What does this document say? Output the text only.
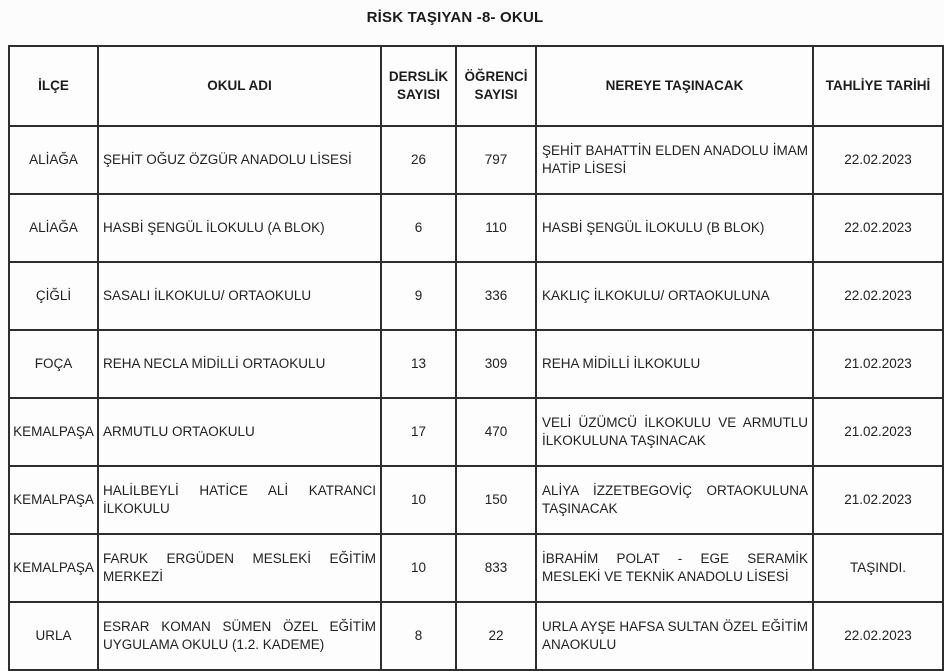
RİSK TAŞIYAN -8- OKUL
İLÇE	OKUL ADI	DERSLİK SAYISI	ÖĞRENCİ SAYISI	NEREYE TAŞINACAK	TAHLİYE TARİHİ
ALİAĞA	ŞEHİT OĞUZ ÖZGÜR ANADOLU LİSESİ	26	797	ŞEHİT BAHATTİN ELDEN ANADOLU İMAM HATİP LİSESİ	22.02.2023
ALİAĞA	HASBİ ŞENGÜL İLOKULU (A BLOK)	6	110	HASBİ ŞENGÜL İLOKULU (B BLOK)	22.02.2023
ÇİĞLİ	SASALI İLKOKULU/ ORTAOKULU	9	336	KAKLIÇ İLKOKULU/ ORTAOKULUNA	22.02.2023
FOÇA	REHA NECLA MİDİLLİ ORTAOKULU	13	309	REHA MİDİLLİ İLKOKULU	21.02.2023
KEMALPAŞA	ARMUTLU ORTAOKULU	17	470	VELİ ÜZÜMCÜ İLKOKULU VE ARMUTLU İLKOKULUNA TAŞINACAK	21.02.2023
KEMALPAŞA	HALİLBEYLİ HATİCE ALİ KATRANCI İLKOKULU	10	150	ALİYA İZZETBEGOVİÇ ORTAOKULUNA TAŞINACAK	21.02.2023
KEMALPAŞA	FARUK ERGÜDEN MESLEKİ EĞİTİM MERKEZİ	10	833	İBRAHİM POLAT - EGE SERAMİK MESLEKİ VE TEKNİK ANADOLU LİSESİ	TAŞINDI.
URLA	ESRAR KOMAN SÜMEN ÖZEL EĞİTİM UYGULAMA OKULU (1.2. KADEME)	8	22	URLA AYŞE HAFSA SULTAN ÖZEL EĞİTİM ANAOKULU	22.02.2023
